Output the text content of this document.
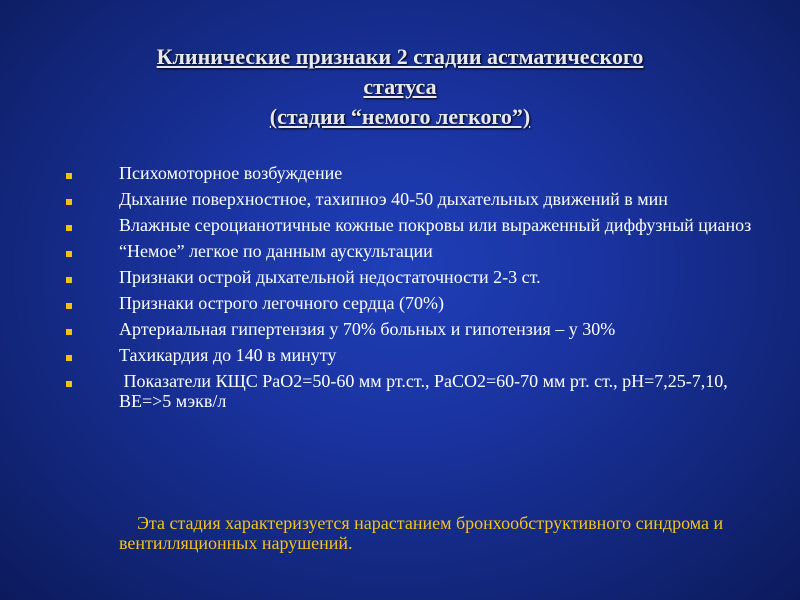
Клинические признаки 2 стадии астматического
статуса
(стадии “немого легкого”)
Психомоторное возбуждение
Дыхание поверхностное, тахипноэ 40-50 дыхательных движений в мин
Влажные сероцианотичные кожные покровы или выраженный диффузный цианоз
“Немое” легкое по данным аускультации
Признаки острой дыхательной недостаточности 2-3 ст.
Признаки острого легочного сердца (70%)
Артериальная гипертензия у 70% больных и гипотензия – у 30%
Тахикардия до 140 в минуту
Показатели КЩС РаО2=50-60 мм рт.ст., РаСО2=60-70 мм рт. ст., pH=7,25-7,10, BE=>5 мэкв/л
Эта стадия характеризуется нарастанием бронхообструктивного синдрома и вентилляционных нарушений.
